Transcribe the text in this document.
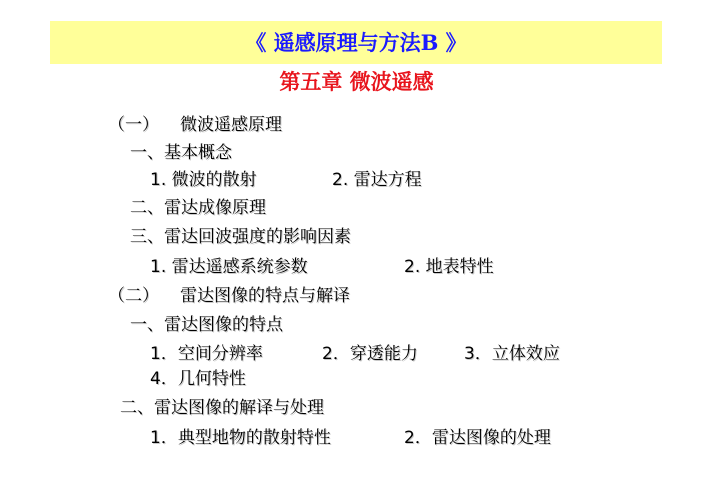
《 遥感原理与方法B 》
第五章 微波遥感
（一） 微波遥感原理
一、基本概念
1. 微波的散射	2. 雷达方程
二、雷达成像原理
三、雷达回波强度的影响因素
1. 雷达遥感系统参数	2. 地表特性
（二） 雷达图像的特点与解译
一、雷达图像的特点
1．空间分辨率	2．穿透能力	3．立体效应
4．几何特性
二、雷达图像的解译与处理
1．典型地物的散射特性	2．雷达图像的处理
